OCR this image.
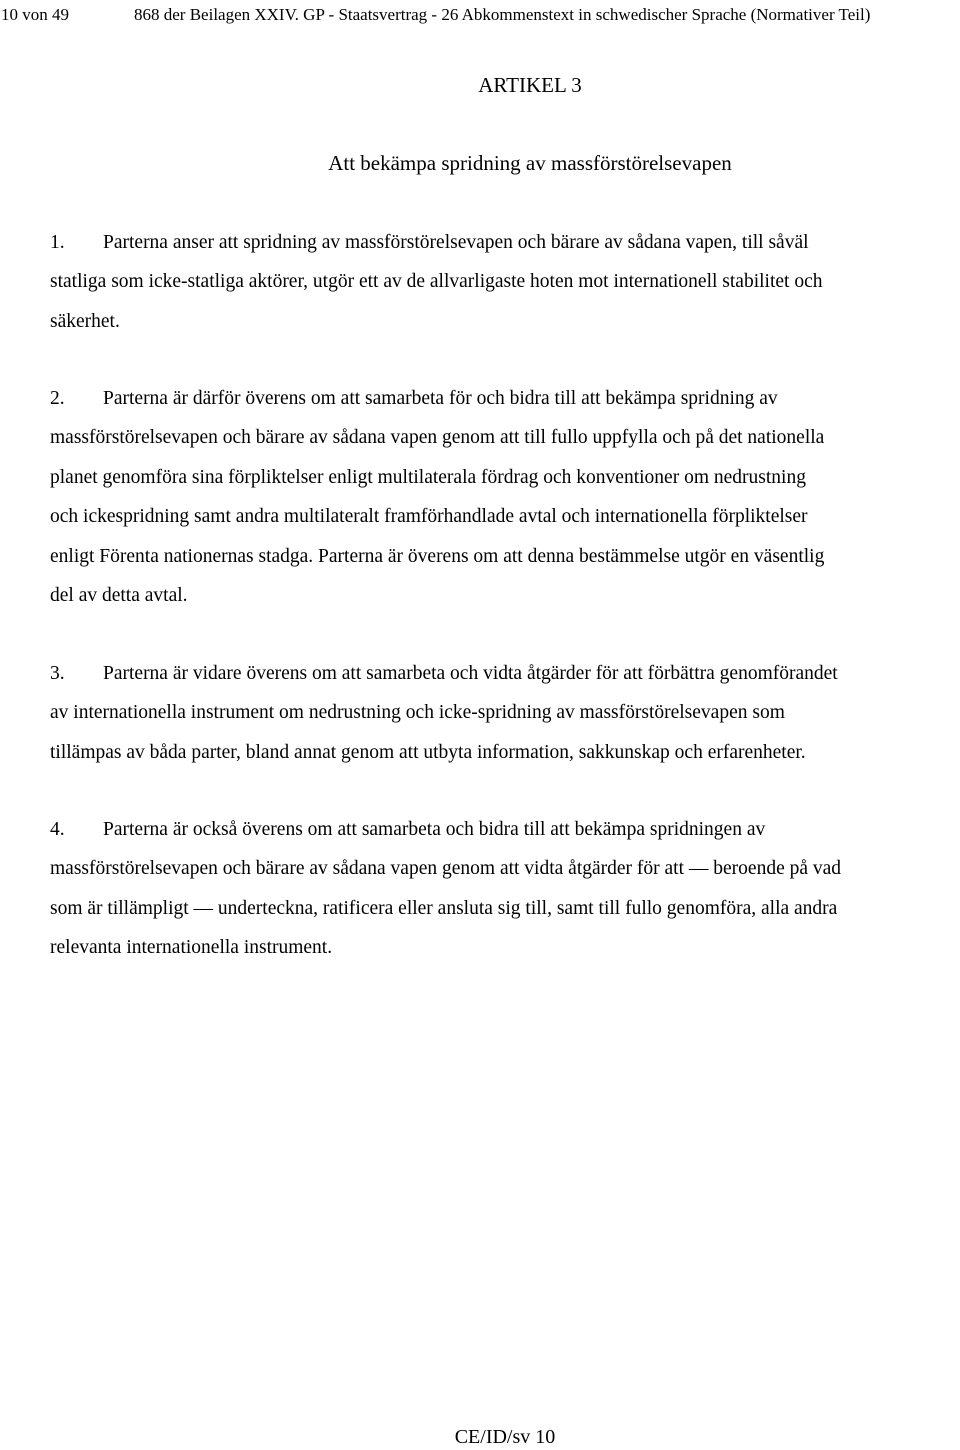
10 von 49	868 der Beilagen XXIV. GP - Staatsvertrag - 26 Abkommenstext in schwedischer Sprache (Normativer Teil)
ARTIKEL 3
Att bekämpa spridning av massförstörelsevapen
1. Parterna anser att spridning av massförstörelsevapen och bärare av sådana vapen, till såväl
statliga som icke-statliga aktörer, utgör ett av de allvarligaste hoten mot internationell stabilitet och
säkerhet.
2. Parterna är därför överens om att samarbeta för och bidra till att bekämpa spridning av
massförstörelsevapen och bärare av sådana vapen genom att till fullo uppfylla och på det nationella
planet genomföra sina förpliktelser enligt multilaterala fördrag och konventioner om nedrustning
och ickespridning samt andra multilateralt framförhandlade avtal och internationella förpliktelser
enligt Förenta nationernas stadga. Parterna är överens om att denna bestämmelse utgör en väsentlig
del av detta avtal.
3. Parterna är vidare överens om att samarbeta och vidta åtgärder för att förbättra genomförandet
av internationella instrument om nedrustning och icke-spridning av massförstörelsevapen som
tillämpas av båda parter, bland annat genom att utbyta information, sakkunskap och erfarenheter.
4. Parterna är också överens om att samarbeta och bidra till att bekämpa spridningen av
massförstörelsevapen och bärare av sådana vapen genom att vidta åtgärder för att — beroende på vad
som är tillämpligt — underteckna, ratificera eller ansluta sig till, samt till fullo genomföra, alla andra
relevanta internationella instrument.
CE/ID/sv 10
